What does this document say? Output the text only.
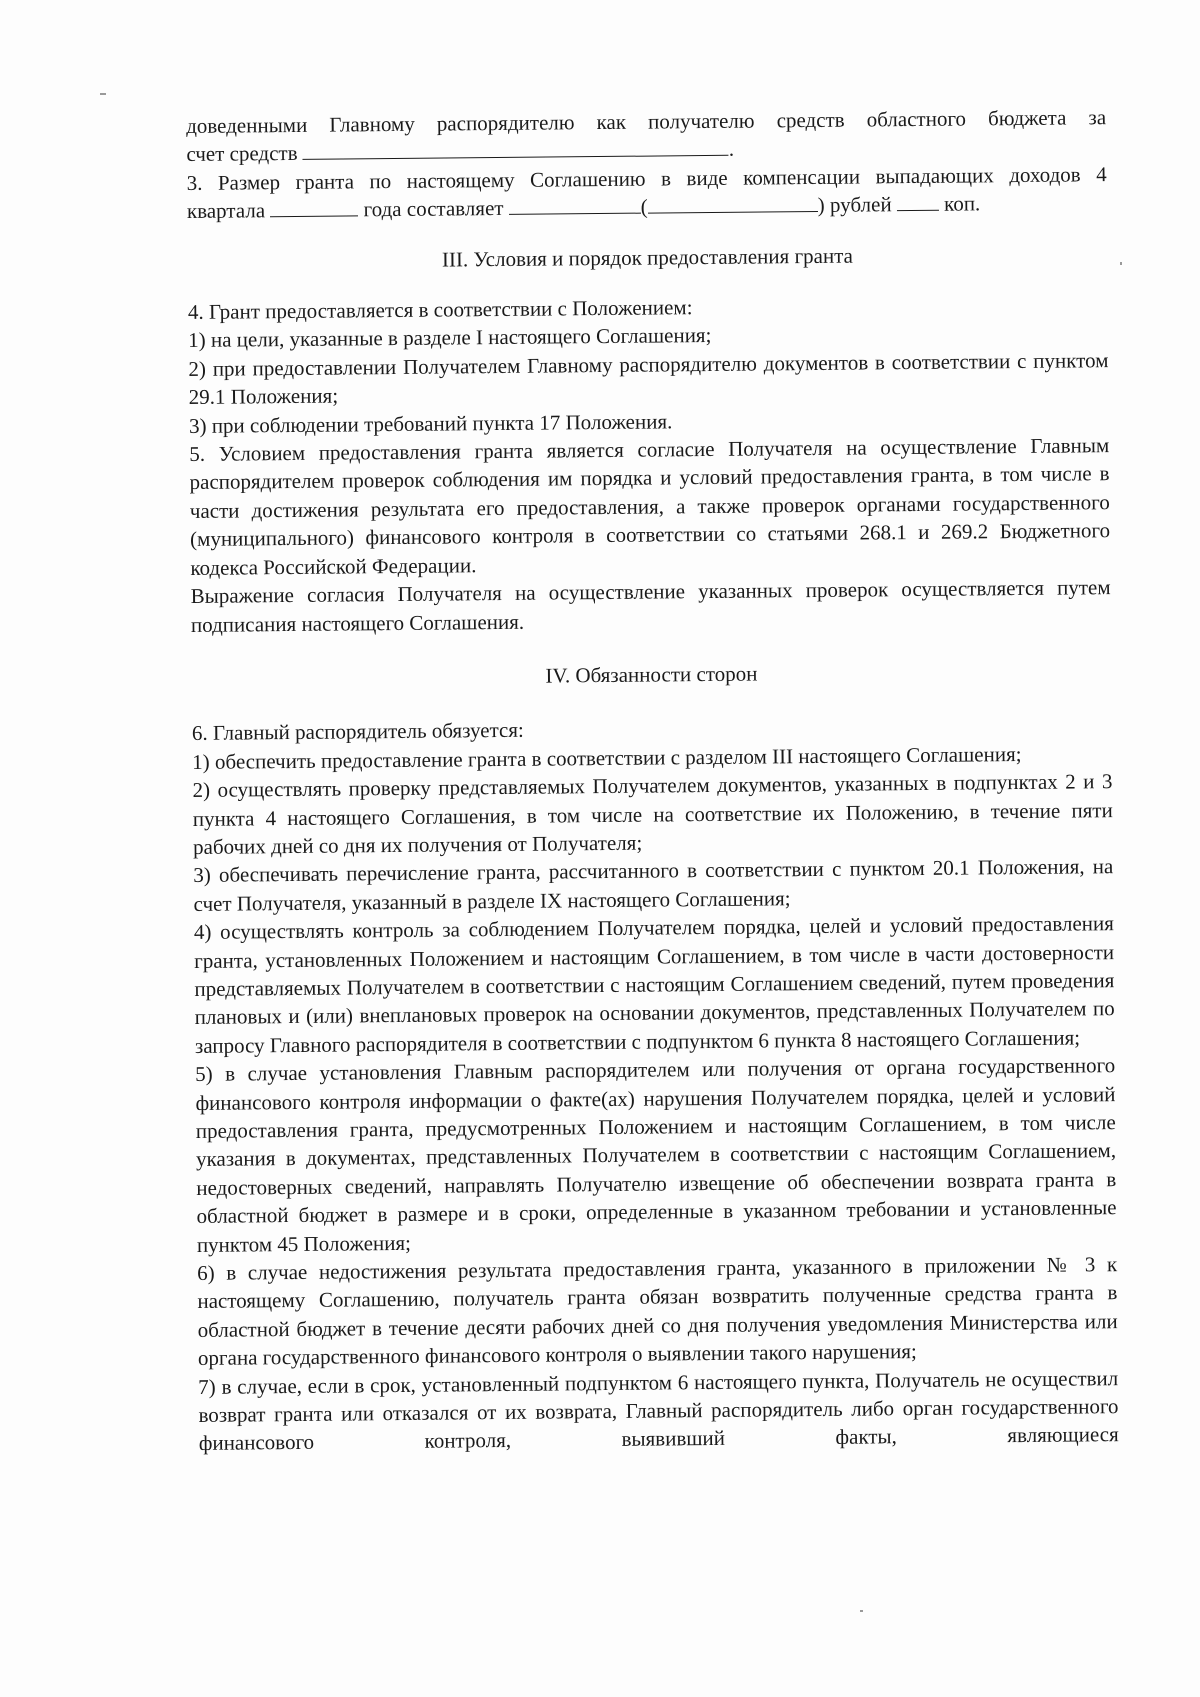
доведенными Главному распорядителю как получателю средств областного бюджета за

счет средств	.

3. Размер гранта по настоящему Соглашению в виде компенсации выпадающих доходов 4

квартала	года составляет	(	) рублей коп.

III. Условия и порядок предоставления гранта

4. Грант предоставляется в соответствии с Положением:

1) на цели, указанные в разделе I настоящего Соглашения;

2) при предоставлении Получателем Главному распорядителю документов в соответствии с пунктом 29.1 Положения;

3) при соблюдении требований пункта 17 Положения.

5. Условием предоставления гранта является согласие Получателя на осуществление Главным распорядителем проверок соблюдения им порядка и условий предоставления гранта, в том числе в части достижения результата его предоставления, а также проверок органами государственного (муниципального) финансового контроля в соответствии со статьями 268.1 и 269.2 Бюджетного кодекса Российской Федерации.

Выражение согласия Получателя на осуществление указанных проверок осуществляется путем подписания настоящего Соглашения.

IV. Обязанности сторон

6. Главный распорядитель обязуется:

1) обеспечить предоставление гранта в соответствии с разделом III настоящего Соглашения;

2) осуществлять проверку представляемых Получателем документов, указанных в подпунктах 2 и 3 пункта 4 настоящего Соглашения, в том числе на соответствие их Положению, в течение пяти рабочих дней со дня их получения от Получателя;

3) обеспечивать перечисление гранта, рассчитанного в соответствии с пунктом 20.1 Положения, на счет Получателя, указанный в разделе IX настоящего Соглашения;

4) осуществлять контроль за соблюдением Получателем порядка, целей и условий предоставления гранта, установленных Положением и настоящим Соглашением, в том числе в части достоверности представляемых Получателем в соответствии с настоящим Соглашением сведений, путем проведения плановых и (или) внеплановых проверок на основании документов, представленных Получателем по запросу Главного распорядителя в соответствии с подпунктом 6 пункта 8 настоящего Соглашения;

5) в случае установления Главным распорядителем или получения от органа государственного финансового контроля информации о факте(ах) нарушения Получателем порядка, целей и условий предоставления гранта, предусмотренных Положением и настоящим Соглашением, в том числе указания в документах, представленных Получателем в соответствии с настоящим Соглашением, недостоверных сведений, направлять Получателю извещение об обеспечении возврата гранта в областной бюджет в размере и в сроки, определенные в указанном требовании и установленные пунктом 45 Положения;

6) в случае недостижения результата предоставления гранта, указанного в приложении № 3 к настоящему Соглашению, получатель гранта обязан возвратить полученные средства гранта в областной бюджет в течение десяти рабочих дней со дня получения уведомления Министерства или органа государственного финансового контроля о выявлении такого нарушения;

7) в случае, если в срок, установленный подпунктом 6 настоящего пункта, Получатель не осуществил возврат гранта или отказался от их возврата, Главный распорядитель либо орган государственного финансового контроля, выявивший факты, являющиеся
